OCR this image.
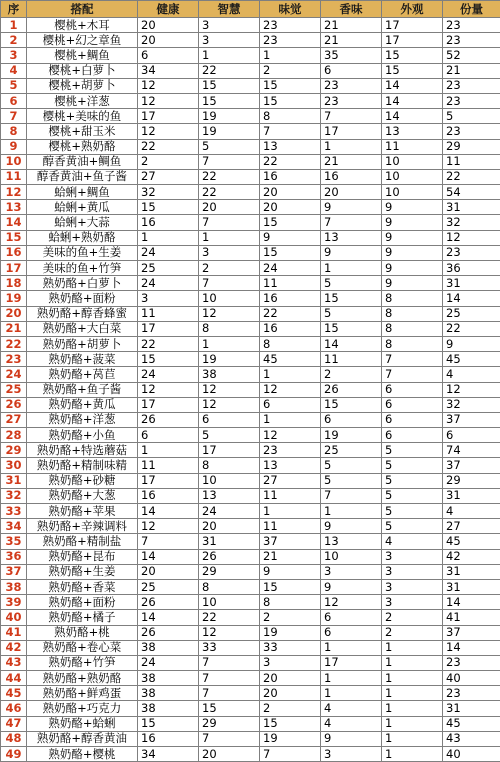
序	搭配	健康	智慧	味觉	香味	外观	份量
1	樱桃+木耳	20	3	23	21	17	23
2	樱桃+幻之章鱼	20	3	23	21	17	23
3	樱桃+鲷鱼	6	1	1	35	15	52
4	樱桃+白萝卜	34	22	2	6	15	21
5	樱桃+胡萝卜	12	15	15	23	14	23
6	樱桃+洋葱	12	15	15	23	14	23
7	樱桃+美味的鱼	17	19	8	7	14	5
8	樱桃+甜玉米	12	19	7	17	13	23
9	樱桃+熟奶酪	22	5	13	1	11	29
10	醇香黄油+鲷鱼	2	7	22	21	10	11
11	醇香黄油+鱼子酱	27	22	16	16	10	22
12	蛤蜊+鲷鱼	32	22	20	20	10	54
13	蛤蜊+黄瓜	15	20	20	9	9	31
14	蛤蜊+大蒜	16	7	15	7	9	32
15	蛤蜊+熟奶酪	1	1	9	13	9	12
16	美味的鱼+生姜	24	3	15	9	9	23
17	美味的鱼+竹笋	25	2	24	1	9	36
18	熟奶酪+白萝卜	24	7	11	5	9	31
19	熟奶酪+面粉	3	10	16	15	8	14
20	熟奶酪+醇香蜂蜜	11	12	22	5	8	25
21	熟奶酪+大白菜	17	8	16	15	8	22
22	熟奶酪+胡萝卜	22	1	8	14	8	9
23	熟奶酪+菠菜	15	19	45	11	7	45
24	熟奶酪+莴苣	24	38	1	2	7	4
25	熟奶酪+鱼子酱	12	12	12	26	6	12
26	熟奶酪+黄瓜	17	12	6	15	6	32
27	熟奶酪+洋葱	26	6	1	6	6	37
28	熟奶酪+小鱼	6	5	12	19	6	6
29	熟奶酪+特选蘑菇	1	17	23	25	5	74
30	熟奶酪+精制味精	11	8	13	5	5	37
31	熟奶酪+砂糖	17	10	27	5	5	29
32	熟奶酪+大葱	16	13	11	7	5	31
33	熟奶酪+苹果	14	24	1	1	5	4
34	熟奶酪+辛辣调料	12	20	11	9	5	27
35	熟奶酪+精制盐	7	31	37	13	4	45
36	熟奶酪+昆布	14	26	21	10	3	42
37	熟奶酪+生姜	20	29	9	3	3	31
38	熟奶酪+香菜	25	8	15	9	3	31
39	熟奶酪+面粉	26	10	8	12	3	14
40	熟奶酪+橘子	14	22	2	6	2	41
41	熟奶酪+桃	26	12	19	6	2	37
42	熟奶酪+卷心菜	38	33	33	1	1	14
43	熟奶酪+竹笋	24	7	3	17	1	23
44	熟奶酪+熟奶酪	38	7	20	1	1	40
45	熟奶酪+鲜鸡蛋	38	7	20	1	1	23
46	熟奶酪+巧克力	38	15	2	4	1	31
47	熟奶酪+蛤蜊	15	29	15	4	1	45
48	熟奶酪+醇香黄油	16	7	19	9	1	43
49	熟奶酪+樱桃	34	20	7	3	1	40
